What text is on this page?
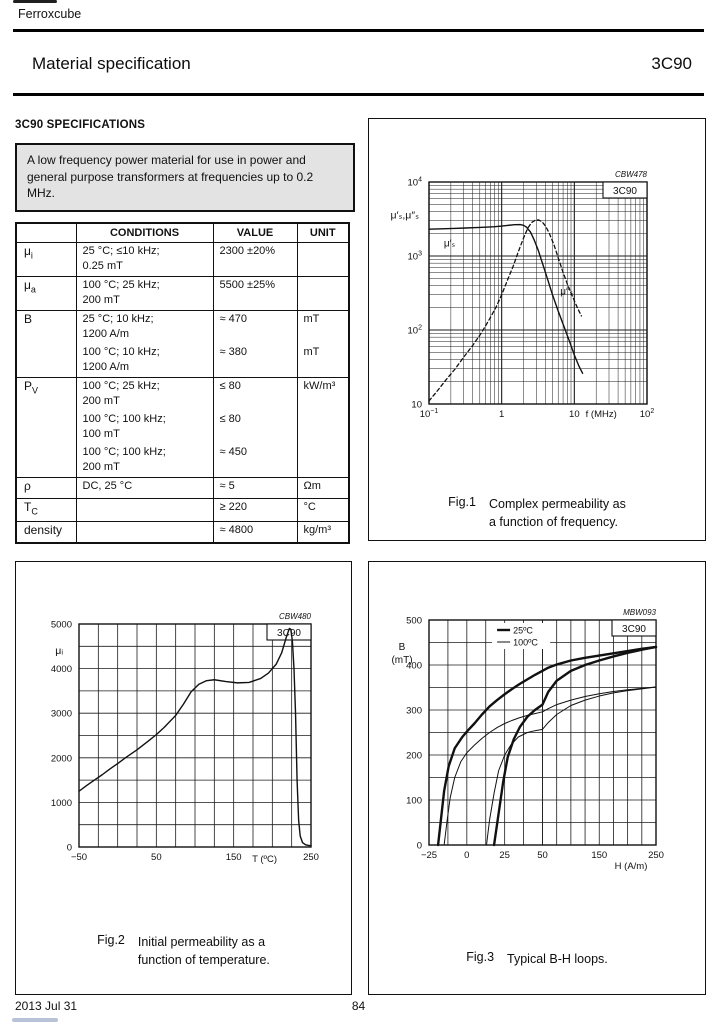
Ferroxcube
Material specification	3C90
3C90 SPECIFICATIONS
A low frequency power material for use in power and general purpose transformers at frequencies up to 0.2 MHz.
	CONDITIONS	VALUE	UNIT
$\mu_i$	25 °C; ≤10 kHz;
0.25 mT	2300 ±20%	
$\mu_a$	100 °C; 25 kHz;
200 mT	5500 ±25%	
B	25 °C; 10 kHz;
1200 A/m	≈ 470	mT
	100 °C; 10 kHz;
1200 A/m	≈ 380	mT
$P_V$	100 °C; 25 kHz;
200 mT	≤ 80	kW/m³
	100 °C; 100 kHz;
100 mT	≤ 80	
	100 °C; 100 kHz;
200 mT	≈ 450	
ρ	DC, 25 °C	≈ 5	Ωm
$T_C$		≥ 220	°C
density		≈ 4800	kg/m³
10
$10^2$
$10^3$
$10^4$
$10^{-1}$	1	10	$10^2$
f (MHz)
μ′ₛ,μ″ₛ
CBW478
3C90
μ′ₛ
μ″ₛ
Fig.1 Complex permeability as
a function of frequency.
0
1000
2000
3000
4000
5000
−50	50	150	250
T (ºC)
μᵢ
CBW480
3C90
Fig.2 Initial permeability as a
function of temperature.
0
100
200
300
400
500
−25	0	25	50	150	250
H (A/m)
B
(mT)
MBW093
3C90
25ºC
100ºC
Fig.3 Typical B-H loops.
2013 Jul 31	84
